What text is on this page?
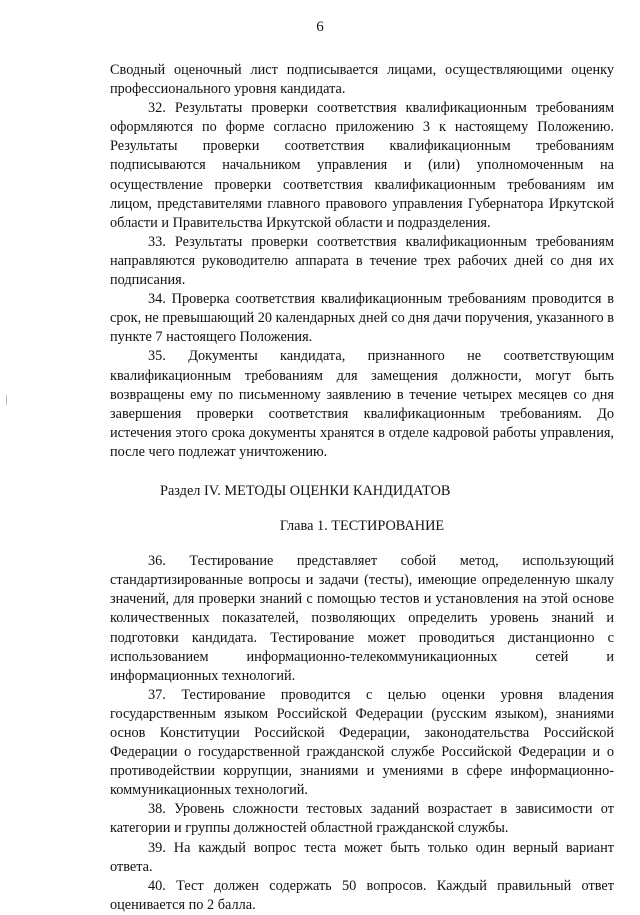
6

Сводный оценочный лист подписывается лицами, осуществляющими оценку профессионального уровня кандидата.

32. Результаты проверки соответствия квалификационным требованиям оформляются по форме согласно приложению 3 к настоящему Положению. Результаты проверки соответствия квалификационным требованиям подписываются начальником управления и (или) уполномоченным на осуществление проверки соответствия квалификационным требованиям им лицом, представителями главного правового управления Губернатора Иркутской области и Правительства Иркутской области и подразделения.

33. Результаты проверки соответствия квалификационным требованиям направляются руководителю аппарата в течение трех рабочих дней со дня их подписания.

34. Проверка соответствия квалификационным требованиям проводится в срок, не превышающий 20 календарных дней со дня дачи поручения, указанного в пункте 7 настоящего Положения.

35. Документы кандидата, признанного не соответствующим квалификационным требованиям для замещения должности, могут быть возвращены ему по письменному заявлению в течение четырех месяцев со дня завершения проверки соответствия квалификационным требованиям. До истечения этого срока документы хранятся в отделе кадровой работы управления, после чего подлежат уничтожению.

Раздел IV. МЕТОДЫ ОЦЕНКИ КАНДИДАТОВ

Глава 1. ТЕСТИРОВАНИЕ

36. Тестирование представляет собой метод, использующий стандартизированные вопросы и задачи (тесты), имеющие определенную шкалу значений, для проверки знаний с помощью тестов и установления на этой основе количественных показателей, позволяющих определить уровень знаний и подготовки кандидата. Тестирование может проводиться дистанционно с использованием информационно-телекоммуникационных сетей и информационных технологий.

37. Тестирование проводится с целью оценки уровня владения государственным языком Российской Федерации (русским языком), знаниями основ Конституции Российской Федерации, законодательства Российской Федерации о государственной гражданской службе Российской Федерации и о противодействии коррупции, знаниями и умениями в сфере информационно-коммуникационных технологий.

38. Уровень сложности тестовых заданий возрастает в зависимости от категории и группы должностей областной гражданской службы.

39. На каждый вопрос теста может быть только один верный вариант ответа.

40. Тест должен содержать 50 вопросов. Каждый правильный ответ оценивается по 2 балла.
